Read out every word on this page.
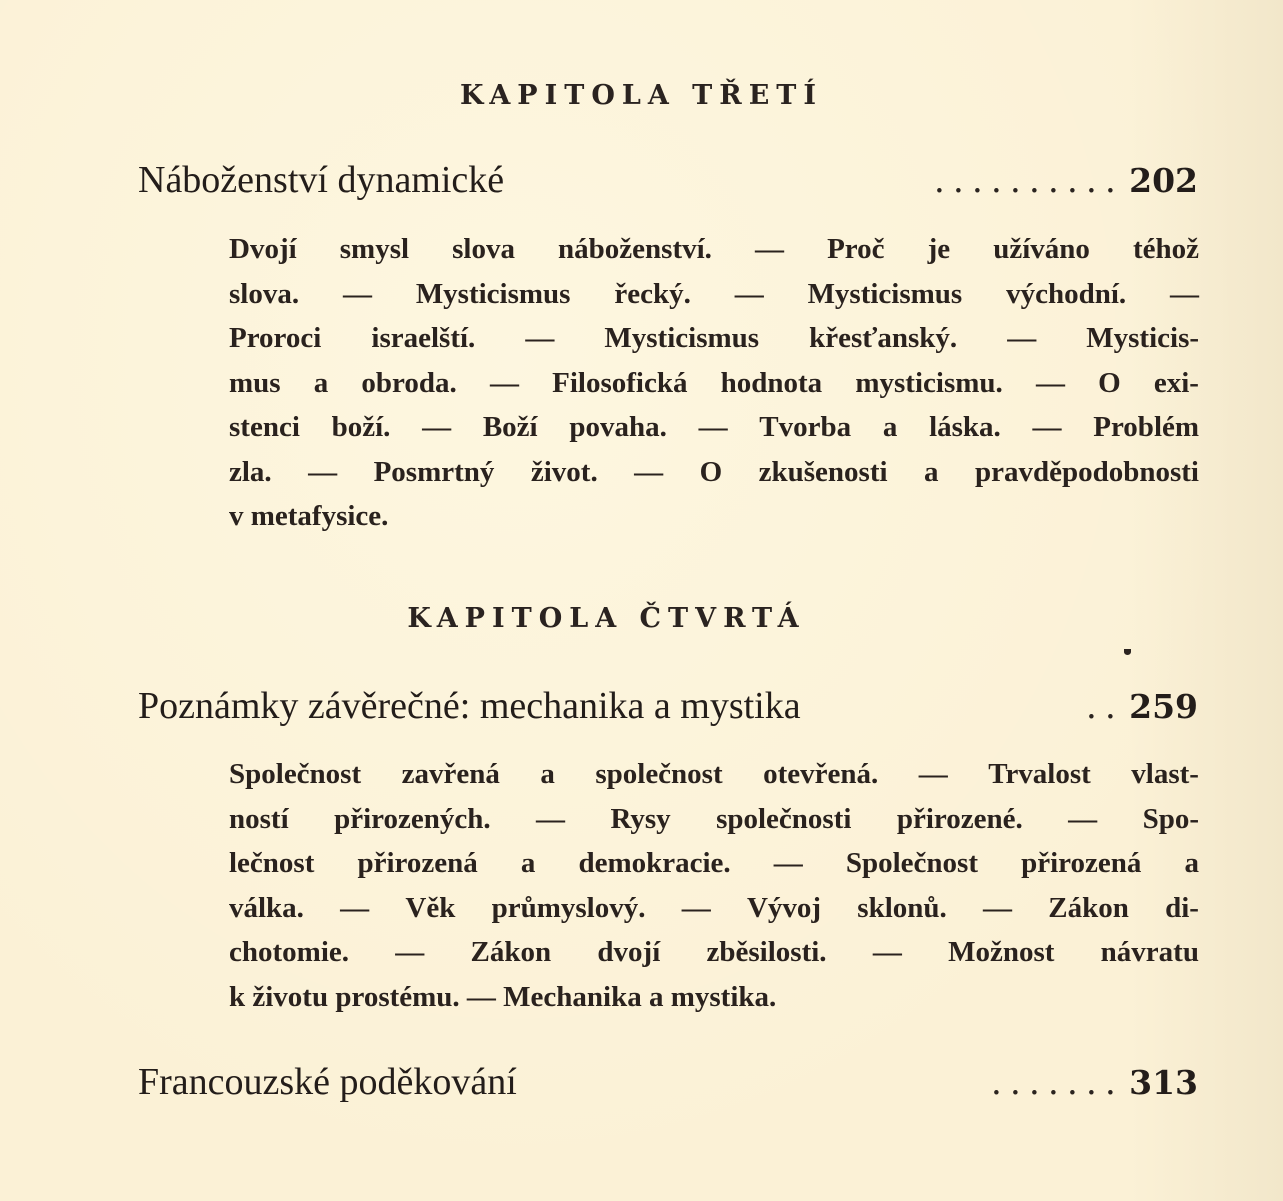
KAPITOLA TŘETÍ
Náboženství dynamické	. . . . . . . . . . 202
Dvojí smysl slova náboženství. — Proč je užíváno téhož
slova. — Mysticismus řecký. — Mysticismus východní. —
Proroci israelští. — Mysticismus křesťanský. — Mysticis-
mus a obroda. — Filosofická hodnota mysticismu. — O exi-
stenci boží. — Boží povaha. — Tvorba a láska. — Problém
zla. — Posmrtný život. — O zkušenosti a pravděpodobnosti
v metafysice.
KAPITOLA ČTVRTÁ
Poznámky závěrečné: mechanika a mystika	. . 259
Společnost zavřená a společnost otevřená. — Trvalost vlast-
ností přirozených. — Rysy společnosti přirozené. — Spo-
lečnost přirozená a demokracie. — Společnost přirozená a
válka. — Věk průmyslový. — Vývoj sklonů. — Zákon di-
chotomie. — Zákon dvojí zběsilosti. — Možnost návratu
k životu prostému. — Mechanika a mystika.
Francouzské poděkování	. . . . . . . 313
